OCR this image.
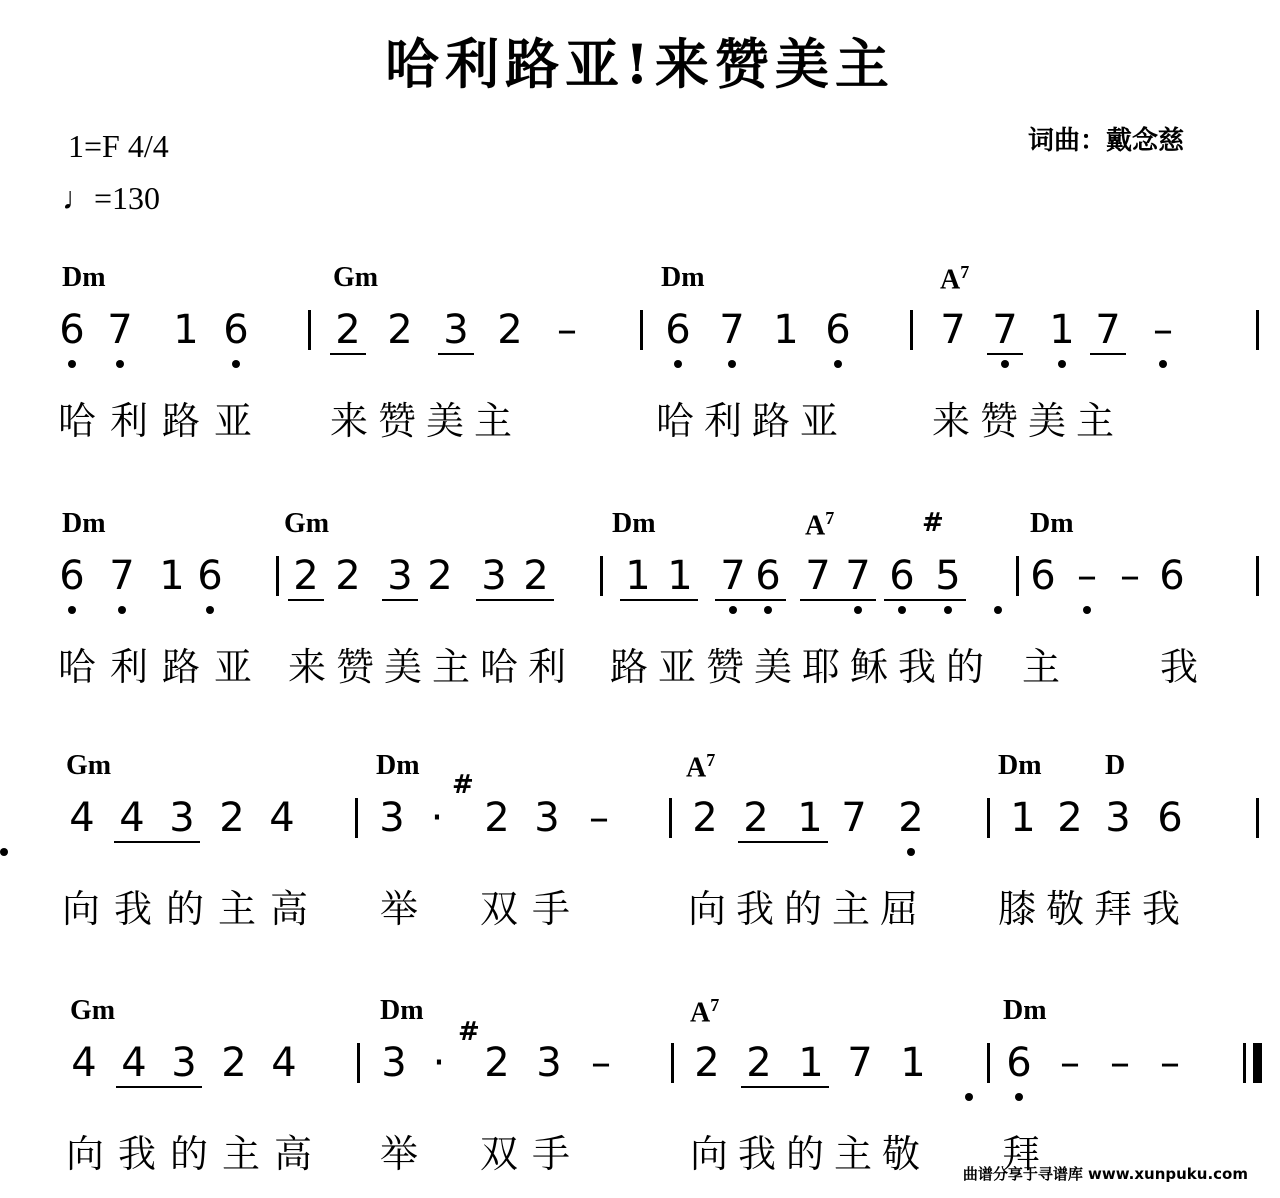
哈利路亚!来赞美主
1=F 4/4
♩=130
词曲：戴念慈
Dm	Gm	Dm	$A^7$
6 7 1 6 2 2 3 2 – 6 7 1 6 7 7 1 7 –
哈利路亚 来赞美主	哈利路亚 来赞美主
Dm	Gm	Dm	$A^7$	Dm
6 7 1 6 2 2 3 2 3 2 1 1 7 6 7 7 6 5 6 – – 6
#
哈利路亚 来赞美主哈利 路亚赞美耶稣我的 主 我
Gm	Dm	$A^7$	Dm D
4 4 3 2 4 3 ·	2 3 – 2 2 1 7 2 1 2 3 6
#
向我的主高 举 双手	向我的主屈 膝敬拜我
Gm	Dm	$A^7$	Dm
4 4 3 2 4 3 · 2 3 – 2 2 1 7 1 6 – – –
#
向我的主高 举 双手	向我的主敬 拜
曲谱分享于寻谱库 www.xunpuku.com
